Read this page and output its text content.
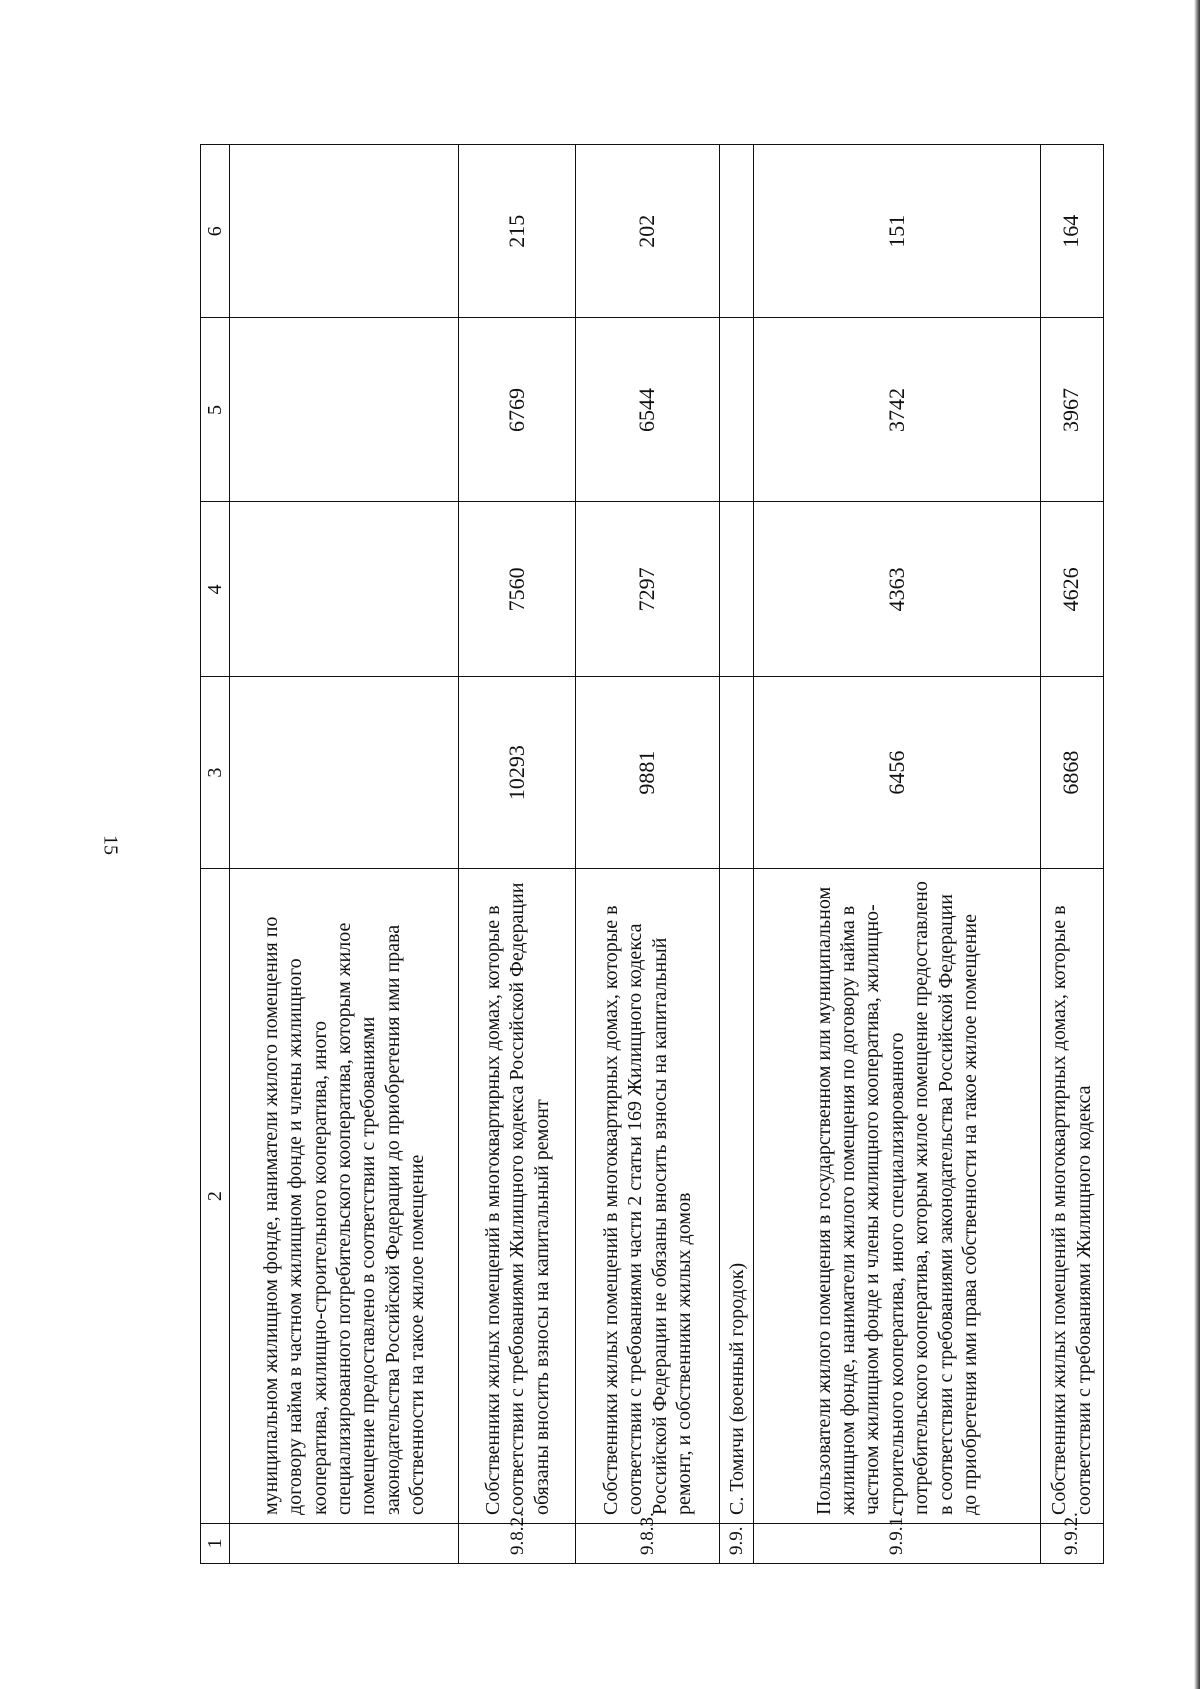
15
1	2	3	4	5	6
	муниципальном жилищном фонде, наниматели жилого помещения по договору найма в частном жилищном фонде и члены жилищного кооператива, жилищно-строительного кооператива, иного специализированного потребительского кооператива, которым жилое помещение предоставлено в соответствии с требованиями законодательства Российской Федерации до приобретения ими права собственности на такое жилое помещение				
9.8.2.	Собственники жилых помещений в многоквартирных домах, которые в соответствии с требованиями Жилищного кодекса Российской Федерации обязаны вносить взносы на капитальный ремонт	10293	7560	6769	215
9.8.3.	Собственники жилых помещений в многоквартирных домах, которые в соответствии с требованиями части 2 статьи 169 Жилищного кодекса Российской Федерации не обязаны вносить взносы на капитальный ремонт, и собственники жилых домов	9881	7297	6544	202
9.9.	С. Томичи (военный городок)				
9.9.1.	Пользователи жилого помещения в государственном или муниципальном жилищном фонде, наниматели жилого помещения по договору найма в частном жилищном фонде и члены жилищного кооператива, жилищно-строительного кооператива, иного специализированного потребительского кооператива, которым жилое помещение предоставлено в соответствии с требованиями законодательства Российской Федерации до приобретения ими права собственности на такое жилое помещение	6456	4363	3742	151
9.9.2.	Собственники жилых помещений в многоквартирных домах, которые в соответствии с требованиями Жилищного кодекса	6868	4626	3967	164
